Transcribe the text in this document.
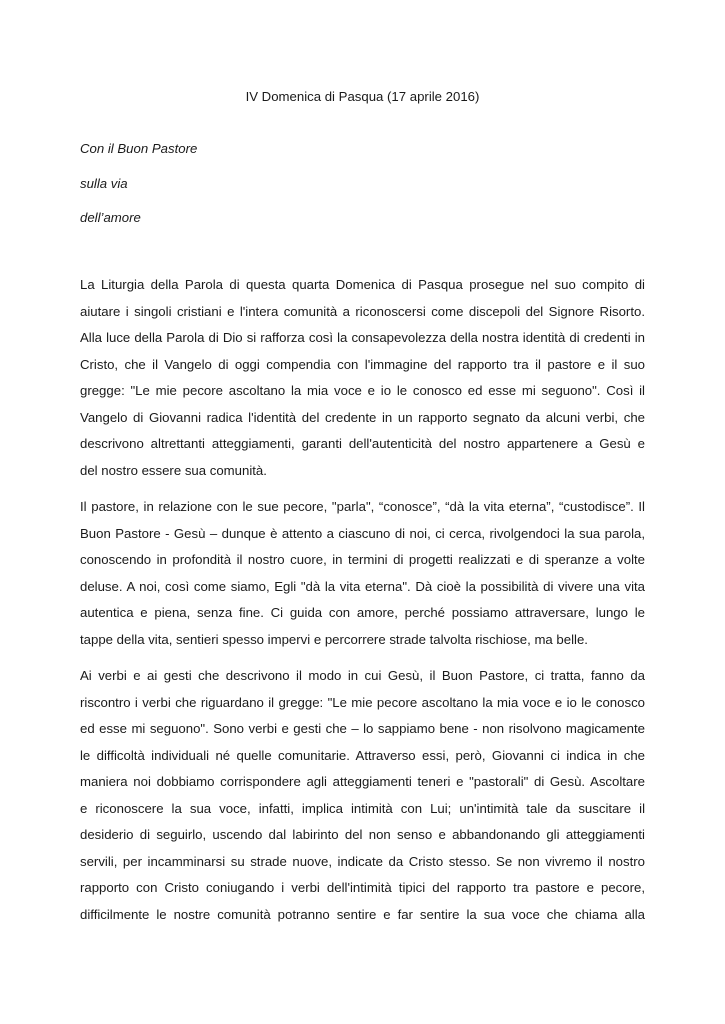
IV Domenica di Pasqua (17 aprile 2016)
Con il Buon Pastore
sulla via
dell’amore

La Liturgia della Parola di questa quarta Domenica di Pasqua prosegue nel suo compito di
aiutare i singoli cristiani e l'intera comunità a riconoscersi come discepoli del Signore Risorto.
Alla luce della Parola di Dio si rafforza così la consapevolezza della nostra identità di credenti in
Cristo, che il Vangelo di oggi compendia con l'immagine del rapporto tra il pastore e il suo
gregge: "Le mie pecore ascoltano la mia voce e io le conosco ed esse mi seguono". Così il
Vangelo di Giovanni radica l'identità del credente in un rapporto segnato da alcuni verbi, che
descrivono altrettanti atteggiamenti, garanti dell'autenticità del nostro appartenere a Gesù e
del nostro essere sua comunità.

Il pastore, in relazione con le sue pecore, "parla", “conosce”, “dà la vita eterna”, “custodisce”. Il
Buon Pastore - Gesù – dunque è attento a ciascuno di noi, ci cerca, rivolgendoci la sua parola,
conoscendo in profondità il nostro cuore, in termini di progetti realizzati e di speranze a volte
deluse. A noi, così come siamo, Egli "dà la vita eterna". Dà cioè la possibilità di vivere una vita
autentica e piena, senza fine. Ci guida con amore, perché possiamo attraversare, lungo le
tappe della vita, sentieri spesso impervi e percorrere strade talvolta rischiose, ma belle.

Ai verbi e ai gesti che descrivono il modo in cui Gesù, il Buon Pastore, ci tratta, fanno da
riscontro i verbi che riguardano il gregge: "Le mie pecore ascoltano la mia voce e io le conosco
ed esse mi seguono". Sono verbi e gesti che – lo sappiamo bene - non risolvono magicamente
le difficoltà individuali né quelle comunitarie. Attraverso essi, però, Giovanni ci indica in che
maniera noi dobbiamo corrispondere agli atteggiamenti teneri e "pastorali" di Gesù. Ascoltare
e riconoscere la sua voce, infatti, implica intimità con Lui; un'intimità tale da suscitare il
desiderio di seguirlo, uscendo dal labirinto del non senso e abbandonando gli atteggiamenti
servili, per incamminarsi su strade nuove, indicate da Cristo stesso. Se non vivremo il nostro
rapporto con Cristo coniugando i verbi dell'intimità tipici del rapporto tra pastore e pecore,
difficilmente le nostre comunità potranno sentire e far sentire la sua voce che chiama alla
